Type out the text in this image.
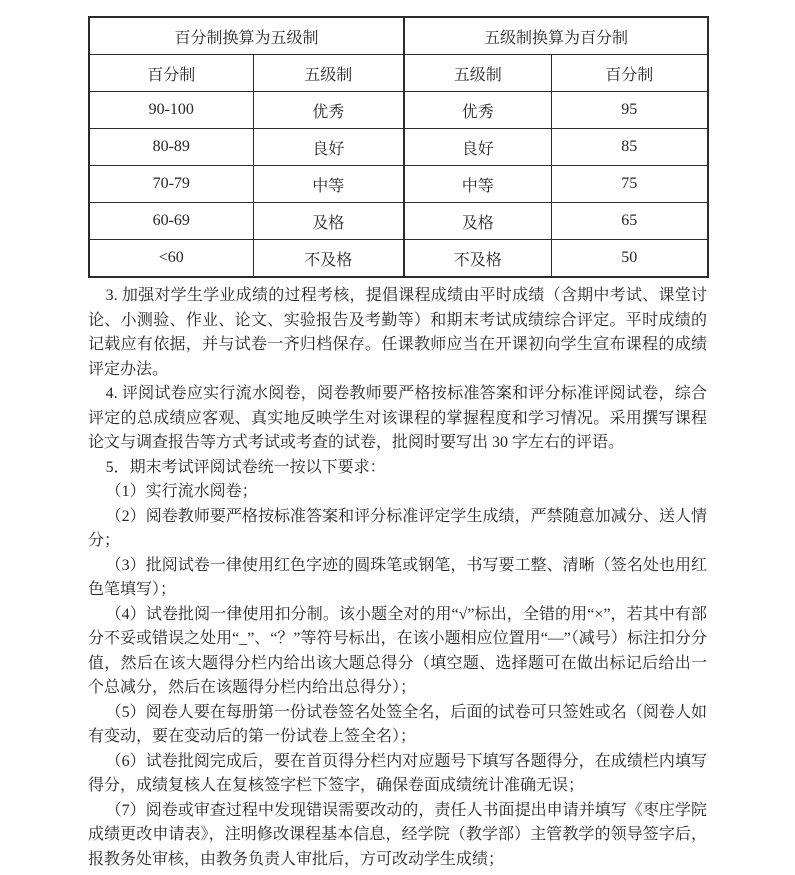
百分制换算为五级制		五级制换算为百分制	
百分制	五级制	五级制	百分制
90-100	优秀	优秀	95
80-89	良好	良好	85
70-79	中等	中等	75
60-69	及格	及格	65
<60	不及格	不及格	50

3. 加强对学生学业成绩的过程考核，提倡课程成绩由平时成绩（含期中考试、课堂讨论、小测验、作业、论文、实验报告及考勤等）和期末考试成绩综合评定。平时成绩的记载应有依据，并与试卷一齐归档保存。任课教师应当在开课初向学生宣布课程的成绩评定办法。

4. 评阅试卷应实行流水阅卷，阅卷教师要严格按标准答案和评分标准评阅试卷，综合评定的总成绩应客观、真实地反映学生对该课程的掌握程度和学习情况。采用撰写课程论文与调查报告等方式考试或考查的试卷，批阅时要写出 30 字左右的评语。

5．期末考试评阅试卷统一按以下要求：

（1）实行流水阅卷；

（2）阅卷教师要严格按标准答案和评分标准评定学生成绩，严禁随意加减分、送人情分；

（3）批阅试卷一律使用红色字迹的圆珠笔或钢笔，书写要工整、清晰（签名处也用红色笔填写）；

（4）试卷批阅一律使用扣分制。该小题全对的用“√”标出，全错的用“×”，若其中有部分不妥或错误之处用“_”、“？”等符号标出，在该小题相应位置用“—”（减号）标注扣分分值，然后在该大题得分栏内给出该大题总得分（填空题、选择题可在做出标记后给出一个总减分，然后在该题得分栏内给出总得分）；

（5）阅卷人要在每册第一份试卷签名处签全名，后面的试卷可只签姓或名（阅卷人如有变动，要在变动后的第一份试卷上签全名）；

（6）试卷批阅完成后，要在首页得分栏内对应题号下填写各题得分，在成绩栏内填写得分，成绩复核人在复核签字栏下签字，确保卷面成绩统计准确无误；

（7）阅卷或审查过程中发现错误需要改动的，责任人书面提出申请并填写《枣庄学院成绩更改申请表》，注明修改课程基本信息，经学院（教学部）主管教学的领导签字后，报教务处审核，由教务负责人审批后，方可改动学生成绩；
